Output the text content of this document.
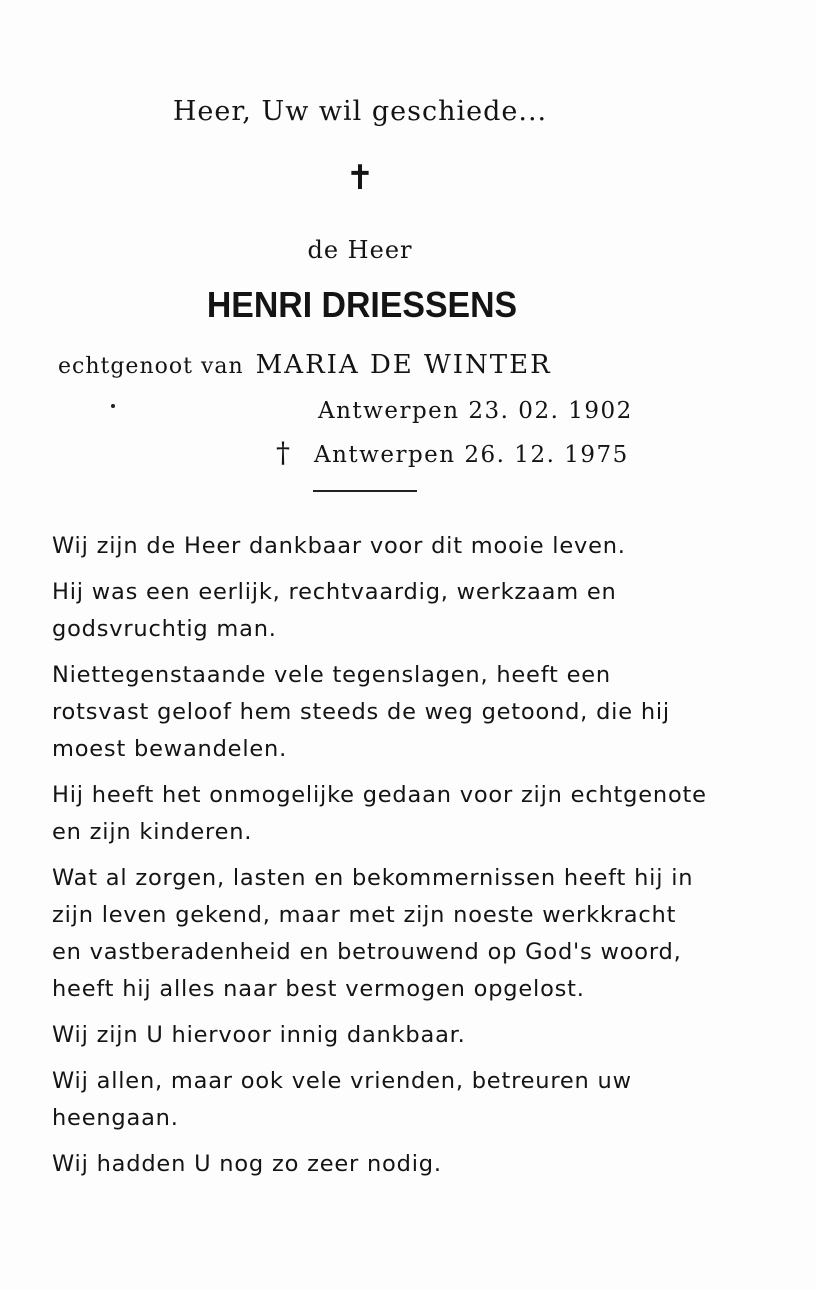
Heer, Uw wil geschiede...
✝
de Heer
HENRI DRIESSENS
echtgenoot van MARIA DE WINTER
Antwerpen 23. 02. 1902
† Antwerpen 26. 12. 1975

Wij zijn de Heer dankbaar voor dit mooie leven.

Hij was een eerlijk, rechtvaardig, werkzaam en godsvruchtig man.

Niettegenstaande vele tegenslagen, heeft een rotsvast geloof hem steeds de weg getoond, die hij moest bewandelen.

Hij heeft het onmogelijke gedaan voor zijn echtgenote en zijn kinderen.

Wat al zorgen, lasten en bekommernissen heeft hij in zijn leven gekend, maar met zijn noeste werkkracht en vastberadenheid en betrouwend op God's woord, heeft hij alles naar best vermogen opgelost.

Wij zijn U hiervoor innig dankbaar.

Wij allen, maar ook vele vrienden, betreuren uw heengaan.

Wij hadden U nog zo zeer nodig.
